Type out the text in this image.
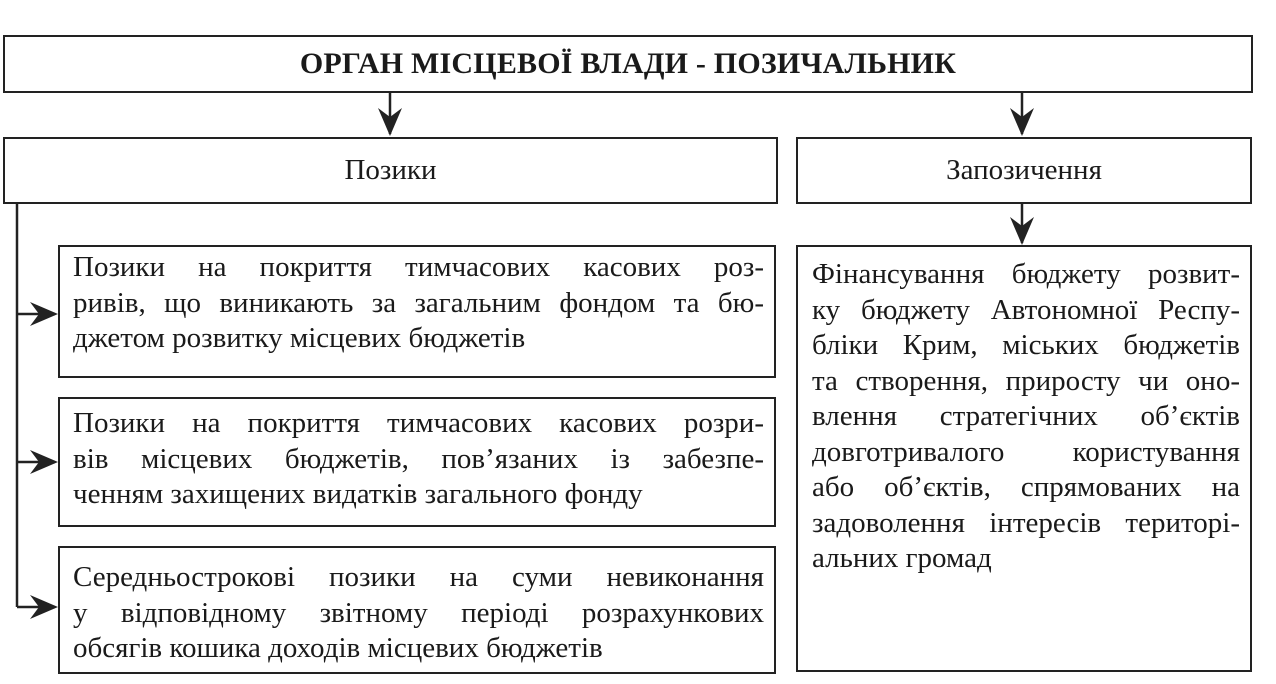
ОРГАН МІСЦЕВОЇ ВЛАДИ - ПОЗИЧАЛЬНИК
Позики	Запозичення
Позики на покриття тимчасових касових роз-
ривів, що виникають за загальним фондом та бю-
джетом розвитку місцевих бюджетів
Позики на покриття тимчасових касових розри-
вів місцевих бюджетів, пов’язаних із забезпе-
ченням захищених видатків загального фонду
Середньострокові позики на суми невиконання
у відповідному звітному періоді розрахункових
обсягів кошика доходів місцевих бюджетів
Фінансування бюджету розвит-
ку бюджету Автономної Респу-
бліки Крим, міських бюджетів
та створення, приросту чи оно-
влення стратегічних об’єктів
довготривалого користування
або об’єктів, спрямованих на
задоволення інтересів територі-
альних громад
